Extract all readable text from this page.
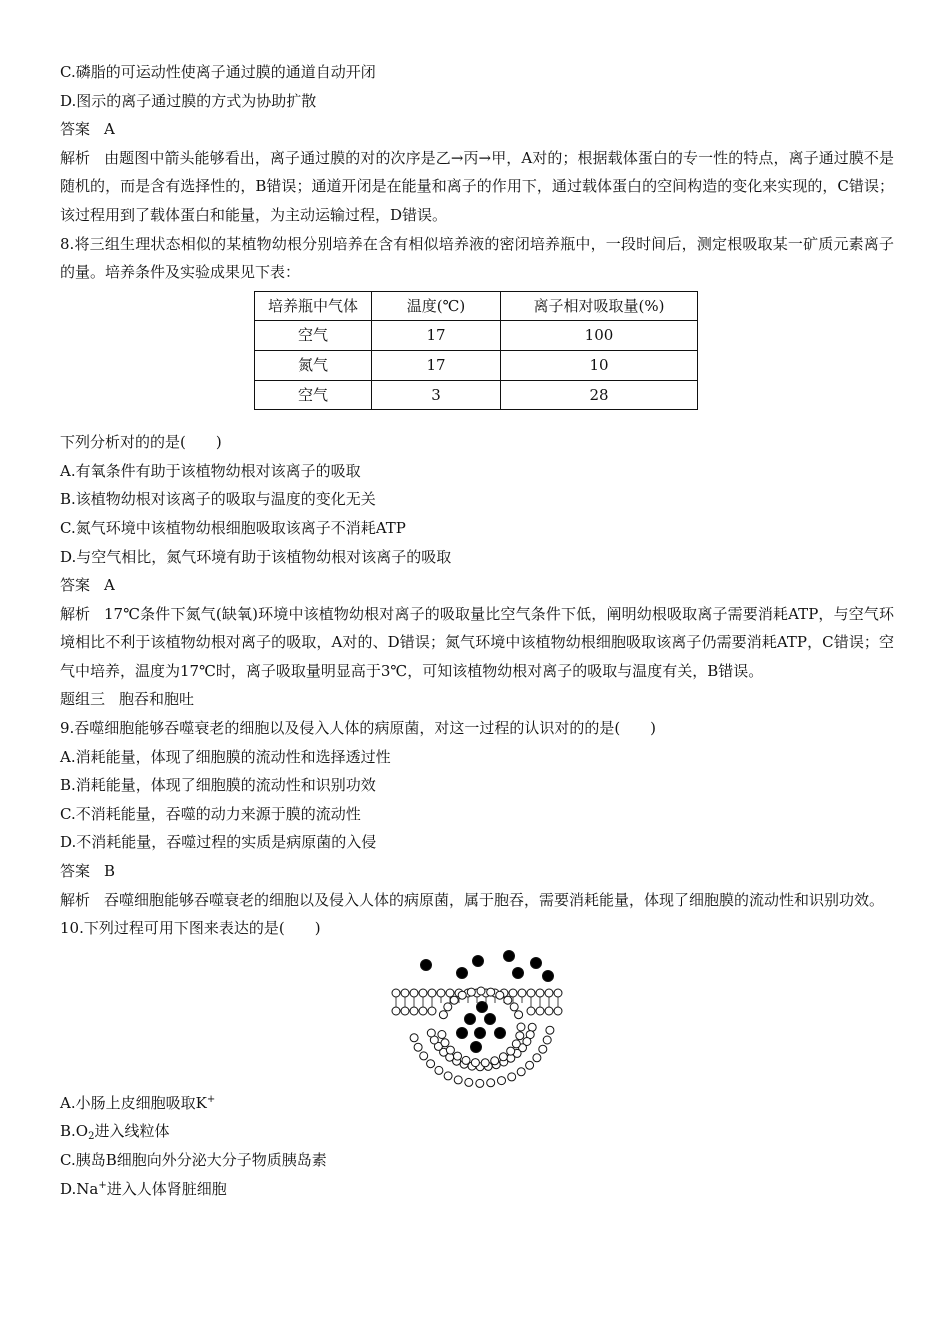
C.磷脂的可运动性使离子通过膜的通道自动开闭
D.图示的离子通过膜的方式为协助扩散
答案 A
解析 由题图中箭头能够看出，离子通过膜的对的次序是乙→丙→甲，A对的；根据载体蛋白的专一性的特点，离子通过膜不是随机的，而是含有选择性的，B错误；通道开闭是在能量和离子的作用下，通过载体蛋白的空间构造的变化来实现的，C错误；该过程用到了载体蛋白和能量，为主动运输过程，D错误。
8.将三组生理状态相似的某植物幼根分别培养在含有相似培养液的密闭培养瓶中，一段时间后，测定根吸取某一矿质元素离子的量。培养条件及实验成果见下表：
培养瓶中气体	温度(℃)	离子相对吸取量(%)
空气	17	100
氮气	17	10
空气	3	28
下列分析对的的是(　　)
A.有氧条件有助于该植物幼根对该离子的吸取
B.该植物幼根对该离子的吸取与温度的变化无关
C.氮气环境中该植物幼根细胞吸取该离子不消耗ATP
D.与空气相比，氮气环境有助于该植物幼根对该离子的吸取
答案 A
解析 17℃条件下氮气(缺氧)环境中该植物幼根对离子的吸取量比空气条件下低，阐明幼根吸取离子需要消耗ATP，与空气环境相比不利于该植物幼根对离子的吸取，A对的、D错误；氮气环境中该植物幼根细胞吸取该离子仍需要消耗ATP，C错误；空气中培养，温度为17℃时，离子吸取量明显高于3℃，可知该植物幼根对离子的吸取与温度有关，B错误。
题组三 胞吞和胞吐
9.吞噬细胞能够吞噬衰老的细胞以及侵入人体的病原菌，对这一过程的认识对的的是(　　)
A.消耗能量，体现了细胞膜的流动性和选择透过性
B.消耗能量，体现了细胞膜的流动性和识别功效
C.不消耗能量，吞噬的动力来源于膜的流动性
D.不消耗能量，吞噬过程的实质是病原菌的入侵
答案 B
解析 吞噬细胞能够吞噬衰老的细胞以及侵入人体的病原菌，属于胞吞，需要消耗能量，体现了细胞膜的流动性和识别功效。
10.下列过程可用下图来表达的是(　　)
A.小肠上皮细胞吸取K+
$B.O_2$进入线粒体
C.胰岛B细胞向外分泌大分子物质胰岛素
D.Na+进入人体肾脏细胞
